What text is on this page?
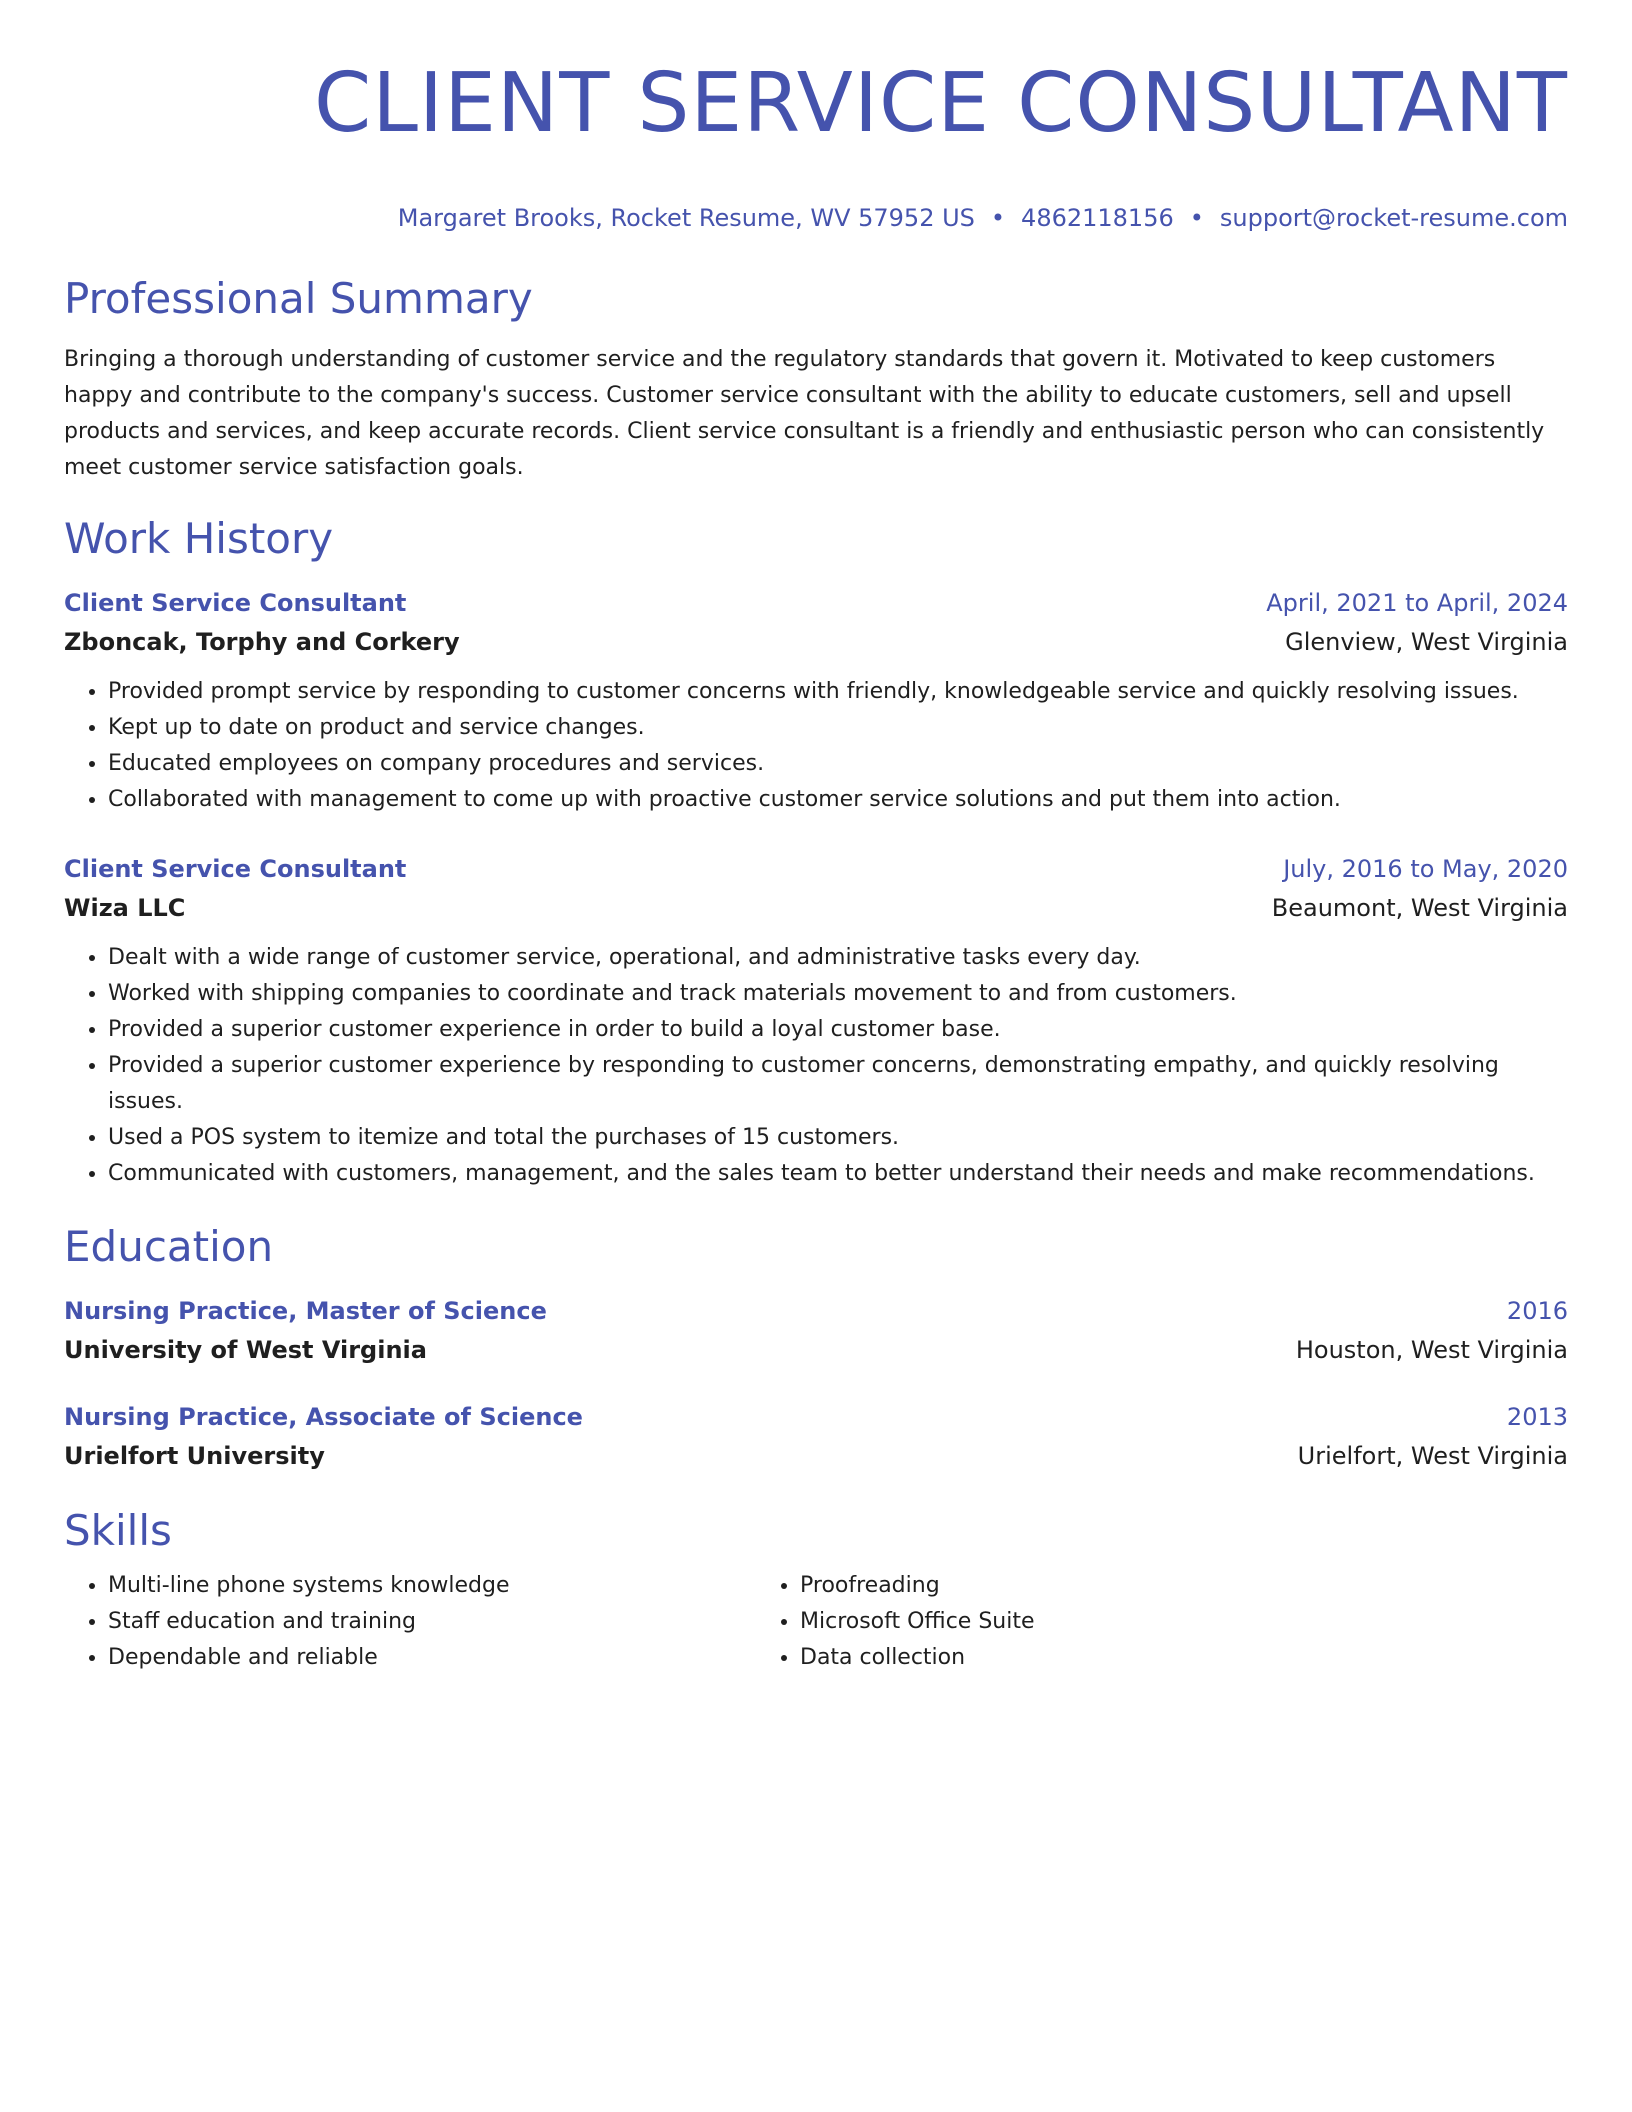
CLIENT SERVICE CONSULTANT
Margaret Brooks, Rocket Resume, WV 57952 US • 4862118156 • support@rocket-resume.com
Professional Summary

Bringing a thorough understanding of customer service and the regulatory standards that govern it. Motivated to keep customers happy and contribute to the company's success. Customer service consultant with the ability to educate customers, sell and upsell products and services, and keep accurate records. Client service consultant is a friendly and enthusiastic person who can consistently meet customer service satisfaction goals.

Work History
Client Service Consultant	April, 2021 to April, 2024
Zboncak, Torphy and Corkery	Glenview, West Virginia
• Provided prompt service by responding to customer concerns with friendly, knowledgeable service and quickly resolving issues.
• Kept up to date on product and service changes.
• Educated employees on company procedures and services.
• Collaborated with management to come up with proactive customer service solutions and put them into action.
Client Service Consultant	July, 2016 to May, 2020
Wiza LLC	Beaumont, West Virginia
• Dealt with a wide range of customer service, operational, and administrative tasks every day.
• Worked with shipping companies to coordinate and track materials movement to and from customers.
• Provided a superior customer experience in order to build a loyal customer base.
• Provided a superior customer experience by responding to customer concerns, demonstrating empathy, and quickly resolving issues.
• Used a POS system to itemize and total the purchases of 15 customers.
• Communicated with customers, management, and the sales team to better understand their needs and make recommendations.
Education
Nursing Practice, Master of Science	2016
University of West Virginia	Houston, West Virginia
Nursing Practice, Associate of Science	2013
Urielfort University	Urielfort, West Virginia
Skills
• Multi-line phone systems knowledge
• Staff education and training
• Dependable and reliable
• Proofreading
• Microsoft Office Suite
• Data collection
